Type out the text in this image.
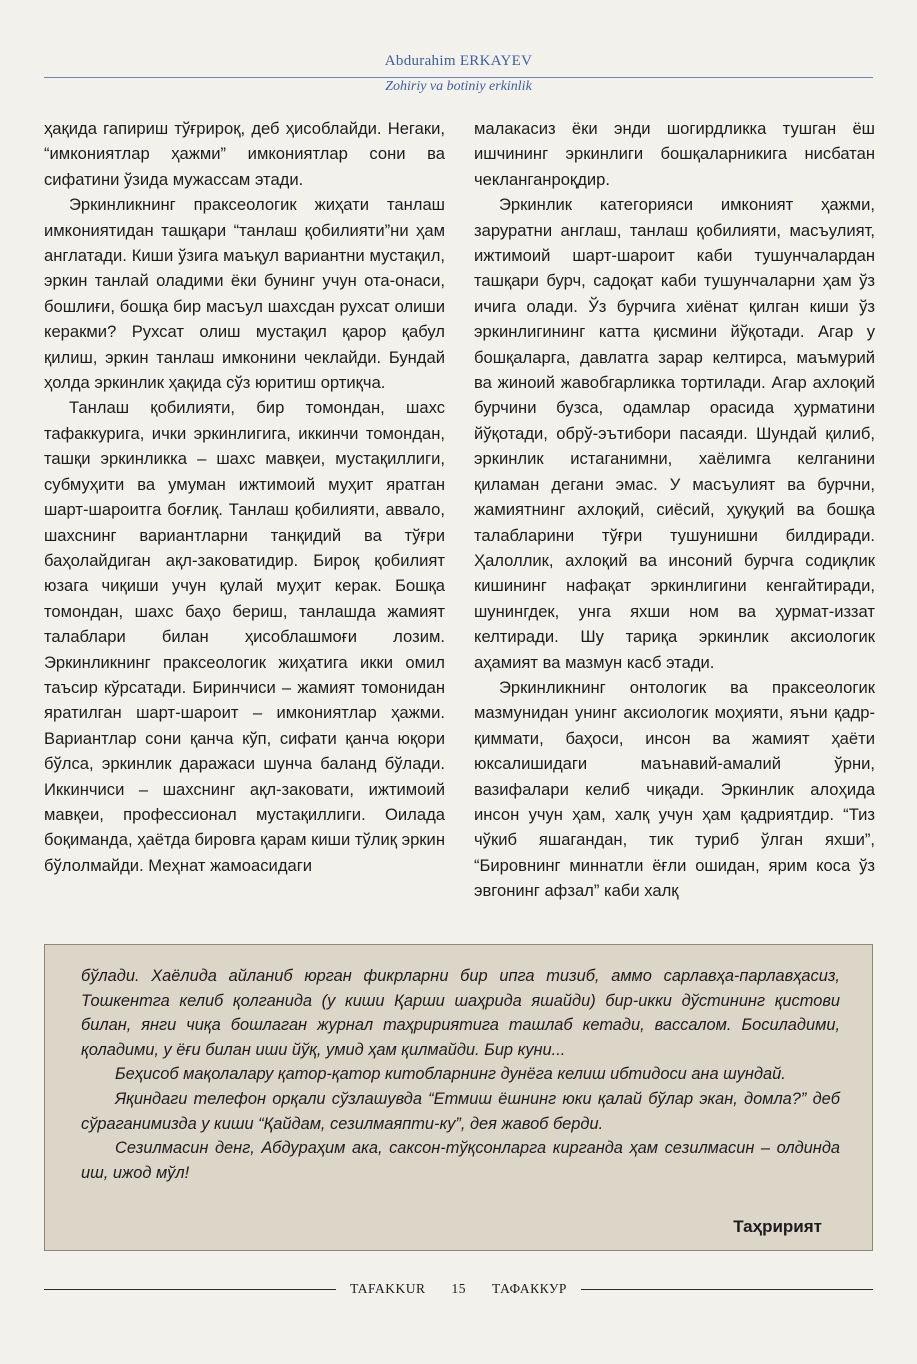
Abdurahim ERKAYEV
Zohiriy va botiniy erkinlik

ҳақида гапириш тўғрироқ, деб ҳисоблайди. Негаки, “имкониятлар ҳажми” имкониятлар сони ва сифатини ўзида мужассам этади.

Эркинликнинг праксеологик жиҳати танлаш имкониятидан ташқари “танлаш қобилияти”ни ҳам англатади. Киши ўзига маъқул вариантни мустақил, эркин танлай оладими ёки бунинг учун ота-онаси, бошлиғи, бошқа бир масъул шахсдан рухсат олиши керакми? Рухсат олиш мустақил қарор қабул қилиш, эркин танлаш имконини чеклайди. Бундай ҳолда эркинлик ҳақида сўз юритиш ортиқча.

Танлаш қобилияти, бир томондан, шахс тафаккурига, ички эркинлигига, иккинчи томондан, ташқи эркинликка – шахс мавқеи, мустақиллиги, субмуҳити ва умуман ижтимоий муҳит яратган шарт-шароитга боғлиқ. Танлаш қобилияти, аввало, шахснинг вариантларни танқидий ва тўғри баҳолайдиган ақл-заковатидир. Бироқ қобилият юзага чиқиши учун қулай муҳит керак. Бошқа томондан, шахс баҳо бериш, танлашда жамият талаблари билан ҳисоблашмоғи лозим. Эркинликнинг праксеологик жиҳатига икки омил таъсир кўрсатади. Биринчиси – жамият томонидан яратилган шарт-шароит – имкониятлар ҳажми. Вариантлар сони қанча кўп, сифати қанча юқори бўлса, эркинлик даражаси шунча баланд бўлади. Иккинчиси – шахснинг ақл-заковати, ижтимоий мавқеи, профессионал мустақиллиги. Оилада боқиманда, ҳаётда бировга қарам киши тўлиқ эркин бўлолмайди. Меҳнат жамоасидаги

малакасиз ёки энди шогирдликка тушган ёш ишчининг эркинлиги бошқаларникига нисбатан чекланганроқдир.

Эркинлик категорияси имконият ҳажми, заруратни англаш, танлаш қобилияти, масъулият, ижтимоий шарт-шароит каби тушунчалардан ташқари бурч, садоқат каби тушунчаларни ҳам ўз ичига олади. Ўз бурчига хиёнат қилган киши ўз эркинлигининг катта қисмини йўқотади. Агар у бошқаларга, давлатга зарар келтирса, маъмурий ва жиноий жавобгарликка тортилади. Агар ахлоқий бурчини бузса, одамлар орасида ҳурматини йўқотади, обрў-эътибори пасаяди. Шундай қилиб, эркинлик истаганимни, хаёлимга келганини қиламан дегани эмас. У масъулият ва бурчни, жамиятнинг ахлоқий, сиёсий, ҳуқуқий ва бошқа талабларини тўғри тушунишни билдиради. Ҳалоллик, ахлоқий ва инсоний бурчга содиқлик кишининг нафақат эркинлигини кенгайтиради, шунингдек, унга яхши ном ва ҳурмат-иззат келтиради. Шу тариқа эркинлик аксиологик аҳамият ва мазмун касб этади.

Эркинликнинг онтологик ва праксеологик мазмунидан унинг аксиологик моҳияти, яъни қадр-қиммати, баҳоси, инсон ва жамият ҳаёти юксалишидаги маънавий-амалий ўрни, вазифалари келиб чиқади. Эркинлик алоҳида инсон учун ҳам, халқ учун ҳам қадриятдир. “Тиз чўкиб яшагандан, тик туриб ўлган яхши”, “Бировнинг миннатли ёғли ошидан, ярим коса ўз эвгонинг афзал” каби халқ

бўлади. Хаёлида айланиб юрган фикрларни бир ипга тизиб, аммо сарлавҳа-парлавҳасиз, Тошкентга келиб қолганида (у киши Қарши шаҳрида яшайди) бир-икки дўстининг қистови билан, янги чиқа бошлаган журнал таҳририятига ташлаб кетади, вассалом. Босиладими, қоладими, у ёғи билан иши йўқ, умид ҳам қилмайди. Бир куни...

Беҳисоб мақолалару қатор-қатор китобларнинг дунёга келиш ибтидоси ана шундай.

Яқиндаги телефон орқали сўзлашувда “Етмиш ёшнинг юки қалай бўлар экан, домла?” деб сўраганимизда у киши “Қайдам, сезилмаяпти-ку”, дея жавоб берди.

Сезилмасин денг, Абдураҳим ака, саксон-тўқсонларга кирганда ҳам сезилмасин – олдинда иш, ижод мўл!

Таҳририят
TAFAKKUR	15	ТАФАККУР
